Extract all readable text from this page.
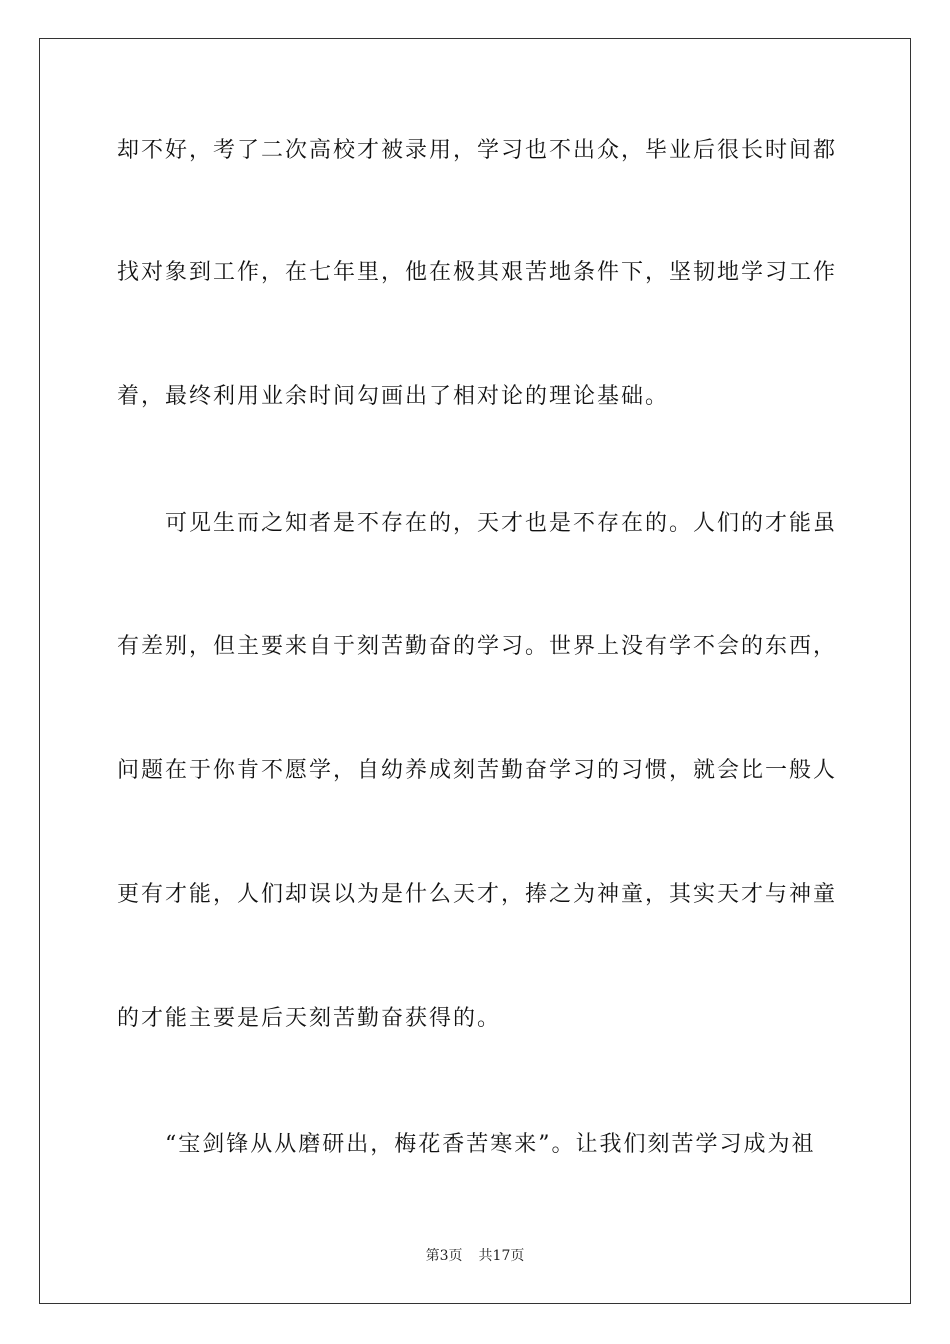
却不好，考了二次高校才被录用，学习也不出众，毕业后很长时间都
找对象到工作，在七年里，他在极其艰苦地条件下，坚韧地学习工作
着，最终利用业余时间勾画出了相对论的理论基础。
可见生而之知者是不存在的，天才也是不存在的。人们的才能虽
有差别，但主要来自于刻苦勤奋的学习。世界上没有学不会的东西，
问题在于你肯不愿学，自幼养成刻苦勤奋学习的习惯，就会比一般人
更有才能，人们却误以为是什么天才，捧之为神童，其实天才与神童
的才能主要是后天刻苦勤奋获得的。
“宝剑锋从从磨研出，梅花香苦寒来”。让我们刻苦学习成为祖
第3页 共17页
